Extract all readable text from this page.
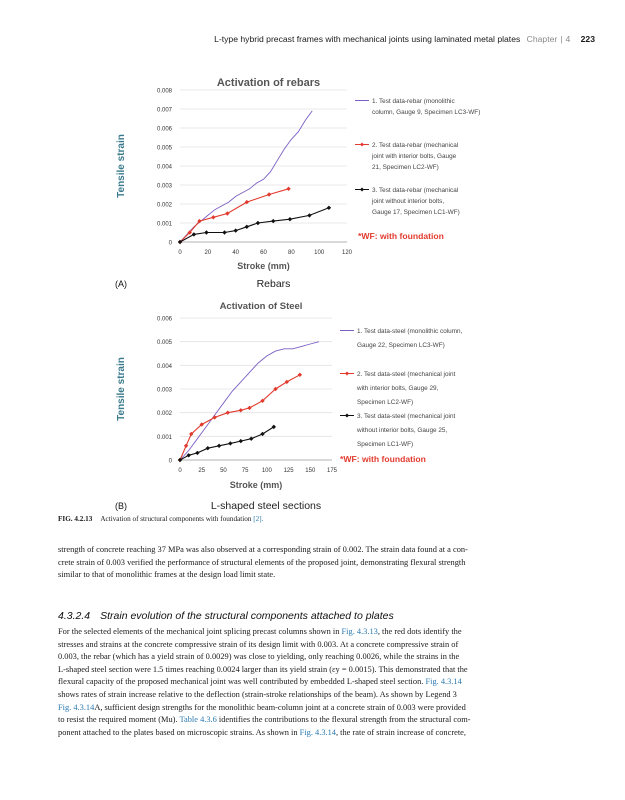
L-type hybrid precast frames with mechanical joints using laminated metal plates Chapter | 4 223
0
0.001
0.002
0.003
0.004
0.005
0.006
0.007
0.008
0	20	40	60	80	100	120
Activation of rebars
Stroke (mm)
Tensile strain
1. Test data-rebar (monolithic
column, Gauge 9, Specimen LC3-WF)
2. Test data-rebar (mechanical
joint with interior bolts, Gauge
21, Specimen LC2-WF)
3. Test data-rebar (mechanical
joint without interior bolts,
Gauge 17, Specimen LC1-WF)
*WF: with foundation
(A)	Rebars
0
0.001
0.002
0.003
0.004
0.005
0.006
0	25	50	75 100 125 150 175
Activation of Steel
Stroke (mm)
Tensile strain
1. Test data-steel (monolithic column,
Gauge 22, Specimen LC3-WF)
2. Test data-steel (mechanical joint
with interior bolts, Gauge 29,
Specimen LC2-WF)
3. Test data-steel (mechanical joint
without interior bolts, Gauge 25,
Specimen LC1-WF)
*WF: with foundation
(B)	L-shaped steel sections
FIG. 4.2.13 Activation of structural components with foundation [2].
strength of concrete reaching 37 MPa was also observed at a corresponding strain of 0.002. The strain data found at a con-
crete strain of 0.003 verified the performance of structural elements of the proposed joint, demonstrating flexural strength
similar to that of monolithic frames at the design load limit state.
4.3.2.4 Strain evolution of the structural components attached to plates
For the selected elements of the mechanical joint splicing precast columns shown in Fig. 4.3.13, the red dots identify the
stresses and strains at the concrete compressive strain of its design limit with 0.003. At a concrete compressive strain of
0.003, the rebar (which has a yield strain of 0.0029) was close to yielding, only reaching 0.0026, while the strains in the
L-shaped steel section were 1.5 times reaching 0.0024 larger than its yield strain (εy = 0.0015). This demonstrated that the
flexural capacity of the proposed mechanical joint was well contributed by embedded L-shaped steel section. Fig. 4.3.14
shows rates of strain increase relative to the deflection (strain-stroke relationships of the beam). As shown by Legend 3
Fig. 4.3.14A, sufficient design strengths for the monolithic beam-column joint at a concrete strain of 0.003 were provided
to resist the required moment (Mu). Table 4.3.6 identifies the contributions to the flexural strength from the structural com-
ponent attached to the plates based on microscopic strains. As shown in Fig. 4.3.14, the rate of strain increase of concrete,
